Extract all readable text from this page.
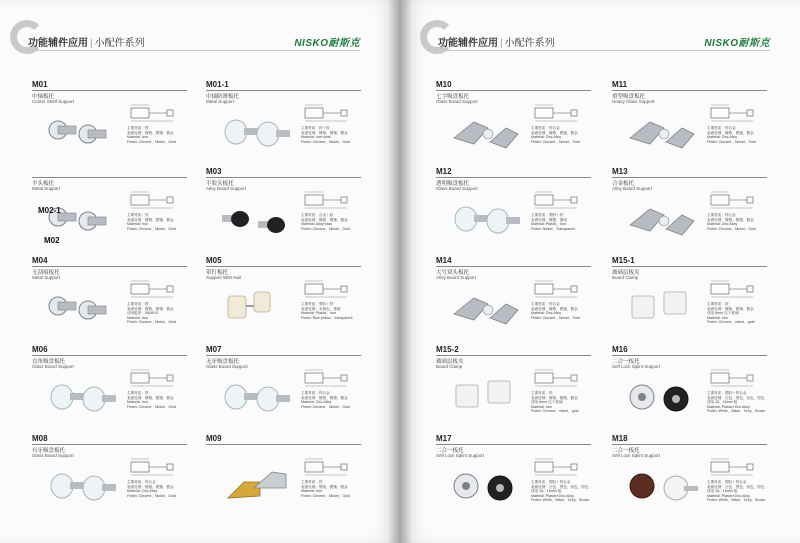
功能辅件应用 | 小配件系列	NISKO耐斯克
M01
中轴板托
Center Shelf Support
主要材质：铁
表面处理：镀铬、镀镍、镀金
Material: Iron
Finish: Chrome、Nickel、Gold
M01-1
中轴防滑板托
Metal Support
主要材质：铁＋胶
表面处理：镀铬、镀镍、镀金
Material: Iron+plas
Finish: Chrome、Nickel、Gold
平头板托
Metal Support
主要材质：铁
表面处理：镀铬、镀镍、镀金
Material: Iron
Finish: Chrome、Nickel、Gold
M03
半胶头板托
Alloy Board Support
主要材质：合金＋胶
表面处理：镀铬、镀镍、镀金
Material: Alloy+plas
Finish: Chrome、Nickel、Gold
M04
无刮痕板托
Metal Support
主要材质：铁
表面处理：镀铬、镀镍、镀金
适用板厚：5/6/8/10
Material: Iron
Finish: Chrome、Nickel、Gold
M05
带钉板托
Support With Nail
主要材质：塑料＋铁
表面处理：米黄色、透明
Material: Plastic、Iron
Finish: Rice yellow、transparent
M06
直角吸盘板托
Glass Board Support
主要材质：铁
表面处理：镀铬、镀镍、镀金
Material: Iron
Finish: Chrome、Nickel、Gold
M07
无牙吸盘板托
Glass Board Support
主要材质：锌合金
表面处理：镀铬、镀镍、镀金
Material: Zinc Alloy
Finish: Chrome、Nickel、Gold
M08
有牙吸盘板托
Glass Board Support
主要材质：锌合金
表面处理：镀铬、镀镍、镀金
Material: Zinc Alloy
Finish: Chrome、Nickel、Gold
M09
主要材质：铁
表面处理：镀铬、镀镍、镀金
Material: Iron
Finish: Chrome、Nickel、Gold
M02-1
M02
功能辅件应用 | 小配件系列	NISKO耐斯克
M10
七字吸盘板托
Glass Board Support
主要材质：锌合金
表面处理：镀铬、镀镍、镀金
Material: Zinc Alloy
Finish: Chrome、Nickel、Gold
M11
重型吸盘板托
Heavy Glass Support
主要材质：锌合金
表面处理：镀铬、镀镍、镀金
Material: Zinc Alloy
Finish: Chrome、Nickel、Gold
M12
透明吸盘板托
Glass Board Support
主要材质：塑料＋铁
表面处理：镀镍、透明
Material: Plastic、Iron
Finish: Nickel、Transparent
M13
合金板托
Alloy Board Support
主要材质：锌合金
表面处理：镀铬、镀镍、镀金
Material: Zinc Alloy
Finish: Chrome、Nickel、Gold
M14
大号双头板托
Alloy Board Support
主要材质：锌合金
表面处理：镀铬、镀镍、镀金
Material: Zinc Alloy
Finish: Chrome、Nickel、Gold
M15-1
玻璃层板夹
Board Clamp
主要材质：铁
表面处理：镀铬、镀镍、镀金
适用 6mm 以下玻璃
Material: Iron
Finish: Chrome、nickel、gold
M15-2
玻璃层板夹
Board Clamp
主要材质：铁
表面处理：镀铬、镀镍、镀金
适用 6mm 以下玻璃
Material: Iron
Finish: Chrome、nickel、gold
M16
二合一板托
Self Lock Splint Support
主要材质：塑料＋锌合金
表面处理：白色、黑色、灰色、棕色
适用 15、16mm 板
Material: Plastic+Zinc Alloy
Finish: White、Black、Grey、Brown
M17
二合一板托
Self Lock Splint Support
主要材质：塑料＋锌合金
表面处理：白色、黑色、灰色、棕色
适用 15、16mm 板
Material: Plastic+Zinc Alloy
Finish: White、Black、Grey、Brown
M18
二合一板托
Self Lock Splint Support
主要材质：塑料＋锌合金
表面处理：白色、黑色、灰色、棕色
适用 15、16mm 板
Material: Plastic+Zinc Alloy
Finish: White、Black、Grey、Brown
